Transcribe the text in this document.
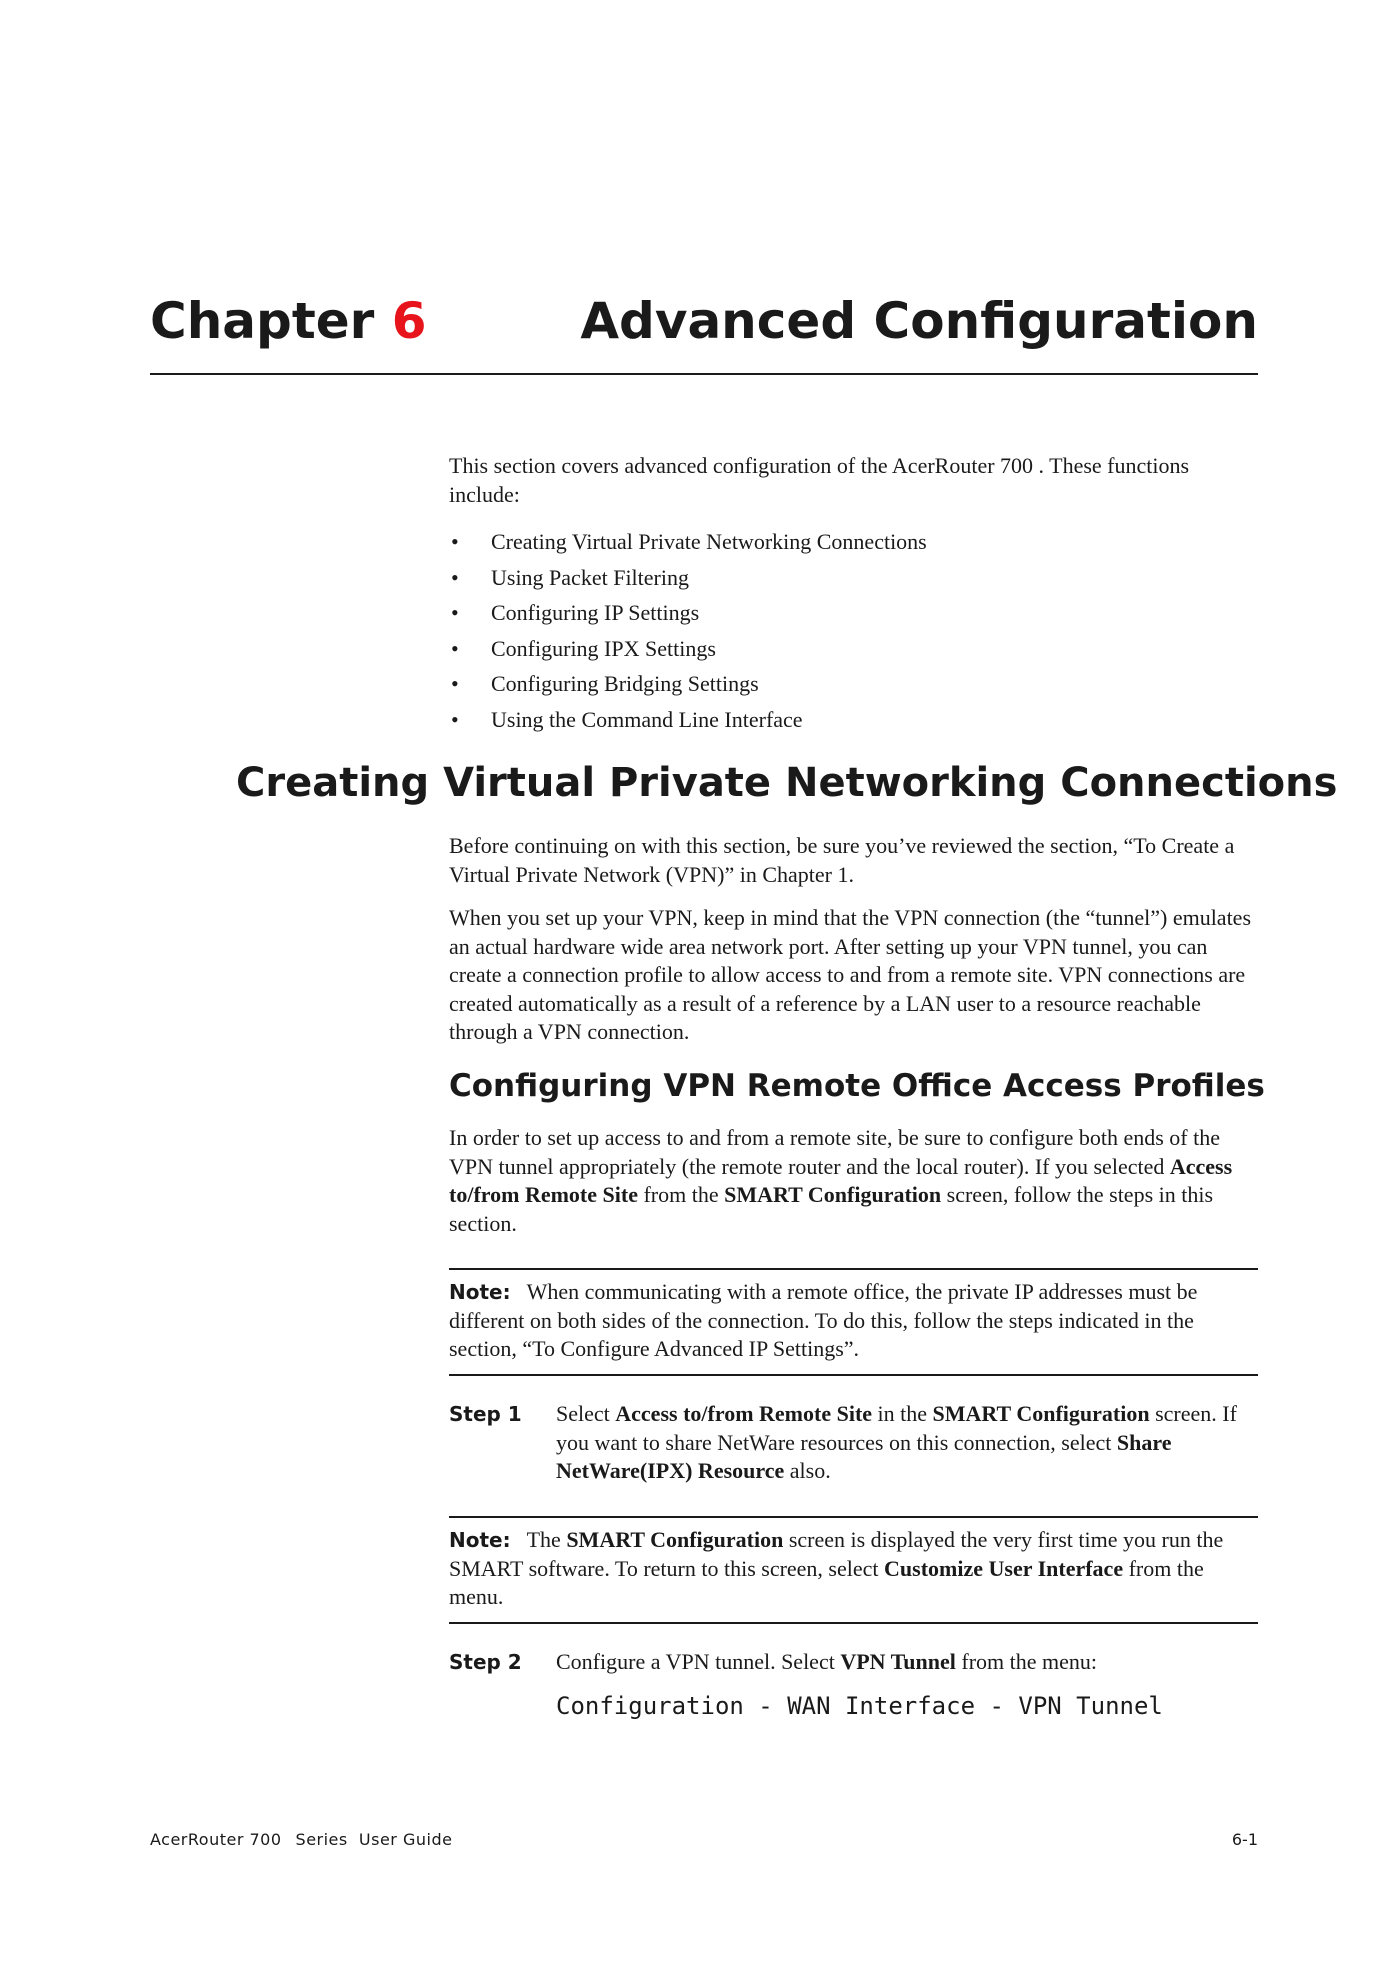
Chapter 6	Advanced Configuration

This section covers advanced configuration of the AcerRouter 700 . These functions include:

• Creating Virtual Private Networking Connections
• Using Packet Filtering
• Configuring IP Settings
• Configuring IPX Settings
• Configuring Bridging Settings
• Using the Command Line Interface
Creating Virtual Private Networking Connections

Before continuing on with this section, be sure you’ve reviewed the section, “To Create a Virtual Private Network (VPN)” in Chapter 1.

When you set up your VPN, keep in mind that the VPN connection (the “tunnel”) emulates an actual hardware wide area network port. After setting up your VPN tunnel, you can create a connection profile to allow access to and from a remote site. VPN connections are created automatically as a result of a reference by a LAN user to a resource reachable through a VPN connection.

Configuring VPN Remote Office Access Profiles

In order to set up access to and from a remote site, be sure to configure both ends of the VPN tunnel appropriately (the remote router and the local router). If you selected Access to/from Remote Site from the SMART Configuration screen, follow the steps in this section.

Note: When communicating with a remote office, the private IP addresses must be different on both sides of the connection. To do this, follow the steps indicated in the section, “To Configure Advanced IP Settings”.

Step 1 Select Access to/from Remote Site in the SMART Configuration screen. If you want to share NetWare resources on this connection, select Share NetWare(IPX) Resource also.

Note: The SMART Configuration screen is displayed the very first time you run the SMART software. To return to this screen, select Customize User Interface from the menu.

Step 2 Configure a VPN tunnel. Select VPN Tunnel from the menu:

Configuration - WAN Interface - VPN Tunnel

AcerRouter 700 Series User Guide	6-1
